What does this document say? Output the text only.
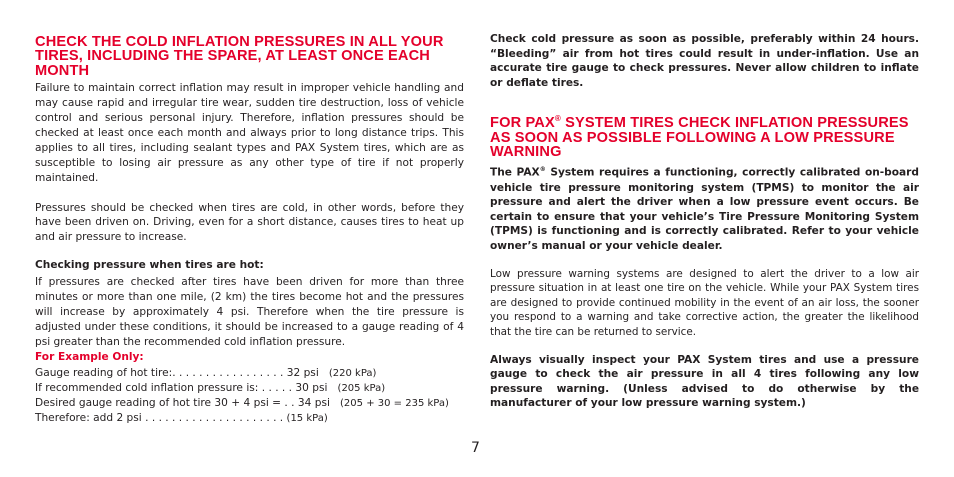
CHECK THE COLD INFLATION PRESSURES IN ALL YOUR TIRES, INCLUDING THE SPARE, AT LEAST ONCE EACH MONTH

Failure to maintain correct inflation may result in improper vehicle handling and may cause rapid and irregular tire wear, sudden tire destruction, loss of vehicle control and serious personal injury. Therefore, inflation pressures should be checked at least once each month and always prior to long distance trips. This applies to all tires, including sealant types and PAX System tires, which are as susceptible to losing air pressure as any other type of tire if not properly maintained.

Pressures should be checked when tires are cold, in other words, before they have been driven on. Driving, even for a short distance, causes tires to heat up and air pressure to increase.

Checking pressure when tires are hot:

If pressures are checked after tires have been driven for more than three minutes or more than one mile, (2 km) the tires become hot and the pressures will increase by approximately 4 psi. Therefore when the tire pressure is adjusted under these conditions, it should be increased to a gauge reading of 4 psi greater than the recommended cold inflation pressure.

For Example Only:
Gauge reading of hot tire:. . . . . . . . . . . . . . . . . 32 psi   (220 kPa)
If recommended cold inflation pressure is: . . . . . 30 psi   (205 kPa)
Desired gauge reading of hot tire 30 + 4 psi = . . 34 psi   (205 + 30 = 235 kPa)
Therefore: add 2 psi . . . . . . . . . . . . . . . . . . . . . (15 kPa)

Check cold pressure as soon as possible, preferably within 24 hours. “Bleeding” air from hot tires could result in under-inflation. Use an accurate tire gauge to check pressures. Never allow children to inflate or deflate tires.

FOR PAX® SYSTEM TIRES CHECK INFLATION PRESSURES AS SOON AS POSSIBLE FOLLOWING A LOW PRESSURE WARNING

The PAX® System requires a functioning, correctly calibrated on-board vehicle tire pressure monitoring system (TPMS) to monitor the air pressure and alert the driver when a low pressure event occurs. Be certain to ensure that your vehicle’s Tire Pressure Monitoring System (TPMS) is functioning and is correctly calibrated. Refer to your vehicle owner’s manual or your vehicle dealer.

Low pressure warning systems are designed to alert the driver to a low air pressure situation in at least one tire on the vehicle. While your PAX System tires are designed to provide continued mobility in the event of an air loss, the sooner you respond to a warning and take corrective action, the greater the likelihood that the tire can be returned to service.

Always visually inspect your PAX System tires and use a pressure gauge to check the air pressure in all 4 tires following any low pressure warning. (Unless advised to do otherwise by the manufacturer of your low pressure warning system.)

7
